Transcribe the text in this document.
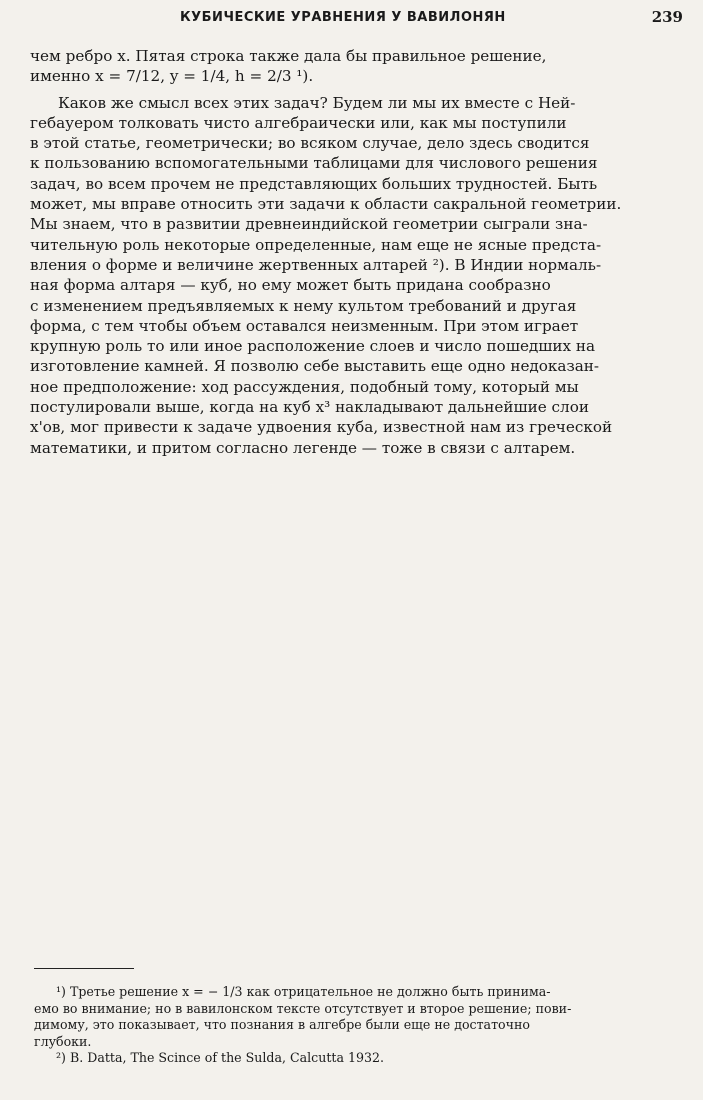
КУБИЧЕСКИЕ УРАВНЕНИЯ У ВАВИЛОНЯН	239
чем ребро x. Пятая строка также дала бы правильное решение,
именно x = 7/12, y = 1/4, h = 2/3 ¹).
Каков же смысл всех этих задач? Будем ли мы их вместе с Ней-
гебауером толковать чисто алгебраически или, как мы поступили
в этой статье, геометрически; во всяком случае, дело здесь сводится
к пользованию вспомогательными таблицами для числового решения
задач, во всем прочем не представляющих больших трудностей. Быть
может, мы вправе относить эти задачи к области сакральной геометрии.
Мы знаем, что в развитии древнеиндийской геометрии сыграли зна-
чительную роль некоторые определенные, нам еще не ясные предста-
вления о форме и величине жертвенных алтарей ²). В Индии нормаль-
ная форма алтаря — куб, но ему может быть придана сообразно
с изменением предъявляемых к нему культом требований и другая
форма, с тем чтобы объем оставался неизменным. При этом играет
крупную роль то или иное расположение слоев и число пошедших на
изготовление камней. Я позволю себе выставить еще одно недоказан-
ное предположение: ход рассуждения, подобный тому, который мы
постулировали выше, когда на куб x³ накладывают дальнейшие слои
x'ов, мог привести к задаче удвоения куба, известной нам из греческой
математики, и притом согласно легенде — тоже в связи с алтарем.
¹) Третье решение x = − 1/3 как отрицательное не должно быть принима-
емо во внимание; но в вавилонском тексте отсутствует и второе решение; пови-
димому, это показывает, что познания в алгебре были еще не достаточно
глубоки.
²) B. Datta, The Scince of the Sulda, Calcutta 1932.
